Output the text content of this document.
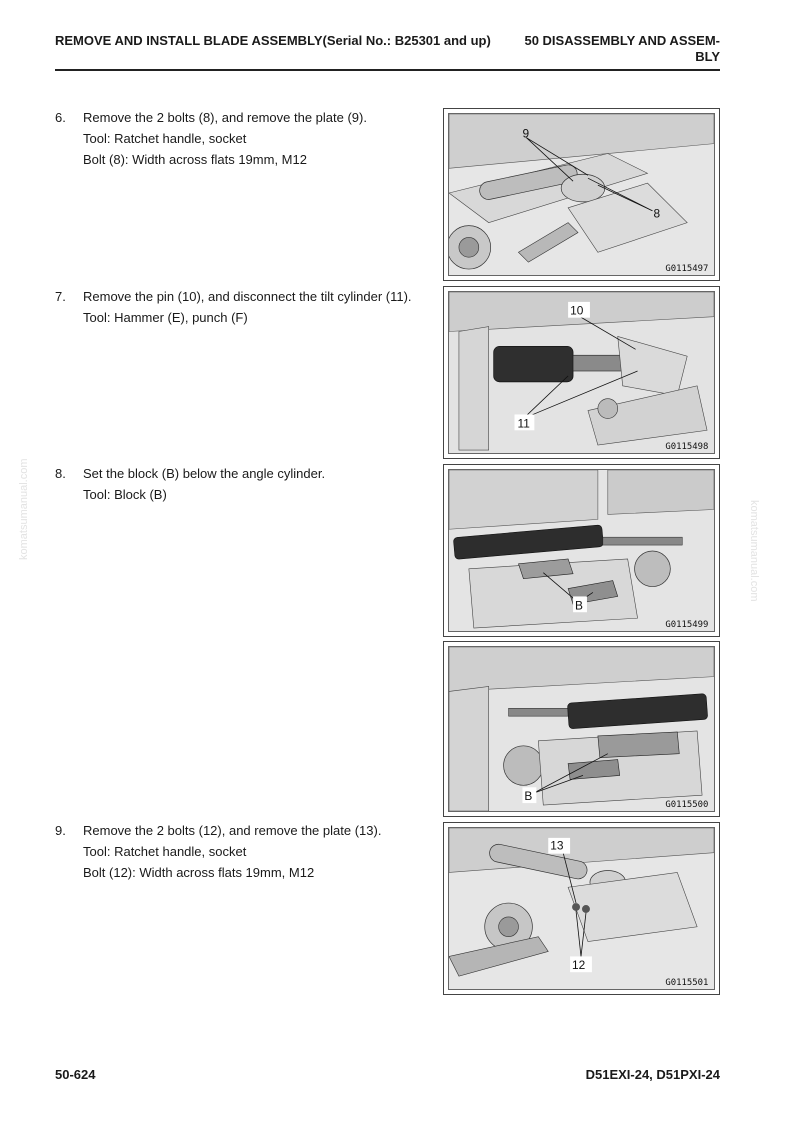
REMOVE AND INSTALL BLADE ASSEMBLY(Serial No.: B25301 and up)	50 DISASSEMBLY AND ASSEM-BLY
komatsumanual.com	komatsumanual.com
6.	Remove the 2 bolts (8), and remove the plate (9).
Tool: Ratchet handle, socket
Bolt (8): Width across flats 19mm, M12
7.	Remove the pin (10), and disconnect the tilt cylinder (11).
Tool: Hammer (E), punch (F)
8.	Set the block (B) below the angle cylinder.
Tool: Block (B)
9.	Remove the 2 bolts (12), and remove the plate (13).
Tool: Ratchet handle, socket
Bolt (12): Width across flats 19mm, M12
9
8
G0115497
10
11
G0115498
B
G0115499
B
G0115500
13
12
G0115501
50-624	D51EXI-24, D51PXI-24
